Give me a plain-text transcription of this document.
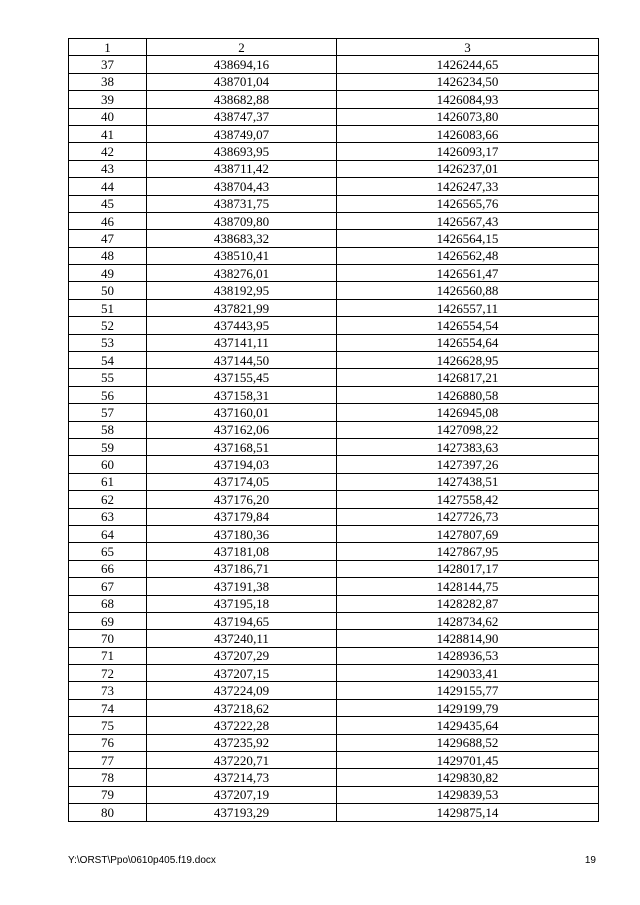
1	2	3
37	438694,16	1426244,65
38	438701,04	1426234,50
39	438682,88	1426084,93
40	438747,37	1426073,80
41	438749,07	1426083,66
42	438693,95	1426093,17
43	438711,42	1426237,01
44	438704,43	1426247,33
45	438731,75	1426565,76
46	438709,80	1426567,43
47	438683,32	1426564,15
48	438510,41	1426562,48
49	438276,01	1426561,47
50	438192,95	1426560,88
51	437821,99	1426557,11
52	437443,95	1426554,54
53	437141,11	1426554,64
54	437144,50	1426628,95
55	437155,45	1426817,21
56	437158,31	1426880,58
57	437160,01	1426945,08
58	437162,06	1427098,22
59	437168,51	1427383,63
60	437194,03	1427397,26
61	437174,05	1427438,51
62	437176,20	1427558,42
63	437179,84	1427726,73
64	437180,36	1427807,69
65	437181,08	1427867,95
66	437186,71	1428017,17
67	437191,38	1428144,75
68	437195,18	1428282,87
69	437194,65	1428734,62
70	437240,11	1428814,90
71	437207,29	1428936,53
72	437207,15	1429033,41
73	437224,09	1429155,77
74	437218,62	1429199,79
75	437222,28	1429435,64
76	437235,92	1429688,52
77	437220,71	1429701,45
78	437214,73	1429830,82
79	437207,19	1429839,53
80	437193,29	1429875,14
Y:\ORST\Ppo\0610p405.f19.docx	19
